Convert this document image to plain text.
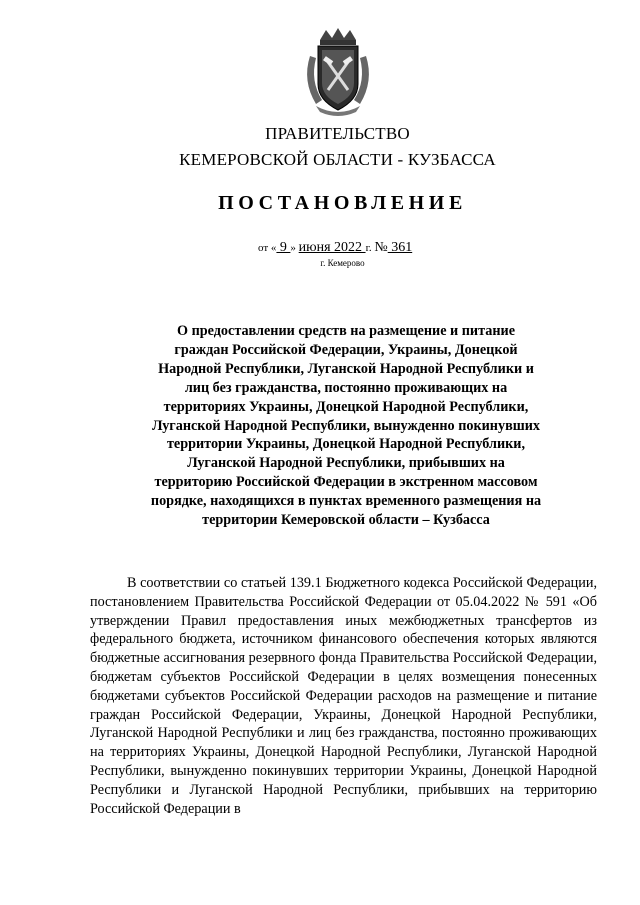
ПРАВИТЕЛЬСТВО
КЕМЕРОВСКОЙ ОБЛАСТИ - КУЗБАССА
ПОСТАНОВЛЕНИЕ
от « 9 » июня 2022 г. № 361
г. Кемерово
О предоставлении средств на размещение и питание граждан Российской Федерации, Украины, Донецкой Народной Республики, Луганской Народной Республики и лиц без гражданства, постоянно проживающих на территориях Украины, Донецкой Народной Республики, Луганской Народной Республики, вынужденно покинувших территории Украины, Донецкой Народной Республики, Луганской Народной Республики, прибывших на территорию Российской Федерации в экстренном массовом порядке, находящихся в пунктах временного размещения на территории Кемеровской области – Кузбасса
В соответствии со статьей 139.1 Бюджетного кодекса Российской Федерации, постановлением Правительства Российской Федерации от 05.04.2022 № 591 «Об утверждении Правил предоставления иных межбюджетных трансфертов из федерального бюджета, источником финансового обеспечения которых являются бюджетные ассигнования резервного фонда Правительства Российской Федерации, бюджетам субъектов Российской Федерации в целях возмещения понесенных бюджетами субъектов Российской Федерации расходов на размещение и питание граждан Российской Федерации, Украины, Донецкой Народной Республики, Луганской Народной Республики и лиц без гражданства, постоянно проживающих на территориях Украины, Донецкой Народной Республики, Луганской Народной Республики, вынужденно покинувших территории Украины, Донецкой Народной Республики и Луганской Народной Республики, прибывших на территорию Российской Федерации в
